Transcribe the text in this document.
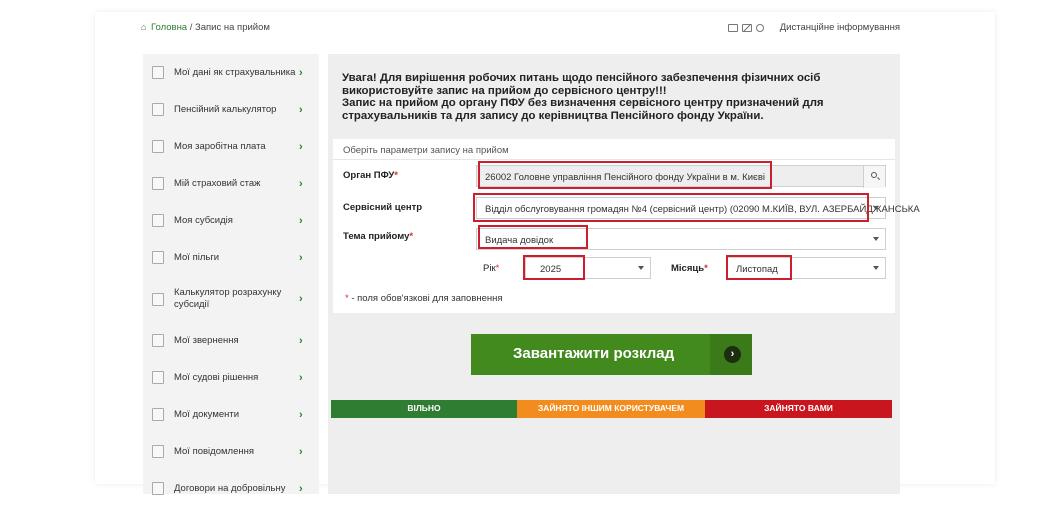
⌂ Головна / Запис на прийом	Дистанційне інформування
Мої дані як страхувальника ›
Пенсійний калькулятор	›
Моя заробітна плата	›
Мій страховий стаж	›
Моя субсидія	›
Мої пільги	›
Калькулятор розрахунку субсидії	›
Мої звернення	›
Мої судові рішення	›
Мої документи	›
Мої повідомлення	›
Договори на добровільну	›
Увага! Для вирішення робочих питань щодо пенсійного забезпечення фізичних осіб
використовуйте запис на прийом до сервісного центру!!!
Запис на прийом до органу ПФУ без визначення сервісного центру призначений для
страхувальників та для запису до керівництва Пенсійного фонду України.
Оберіть параметри запису на прийом
Орган ПФУ*	26002 Головне управління Пенсійного фонду України в м. Києві
Сервісний центр	Відділ обслуговування громадян №4 (сервісний центр) (02090 М.КИЇВ, ВУЛ. АЗЕРБАЙДЖАНСЬКА
Тема прийому*	Видача довідок
Рік*	2025	Місяць*	Листопад
* - поля обов'язкові для заповнення
Завантажити розклад	›
ВІЛЬНО	ЗАЙНЯТО ІНШИМ КОРИСТУВАЧЕМ	ЗАЙНЯТО ВАМИ
